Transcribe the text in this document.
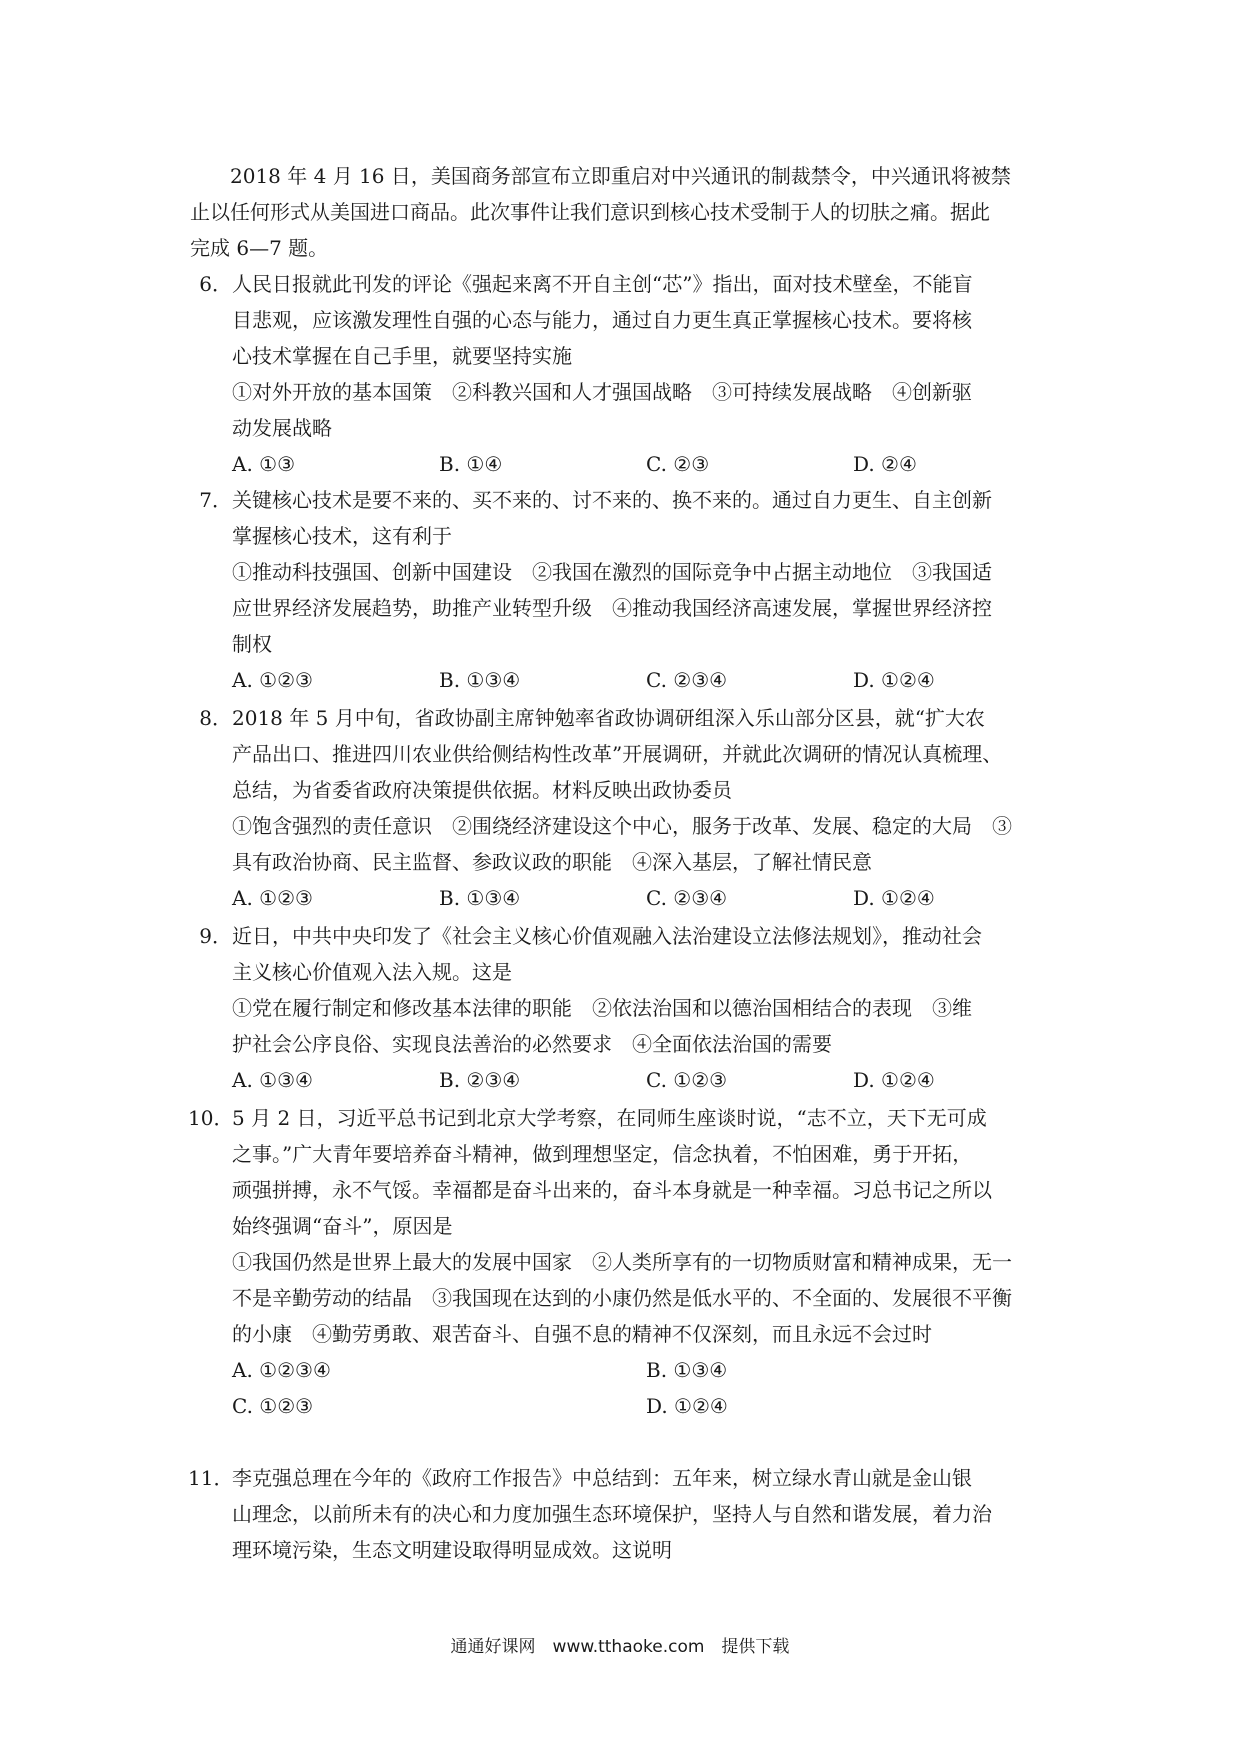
2018 年 4 月 16 日，美国商务部宣布立即重启对中兴通讯的制裁禁令，中兴通讯将被禁
止以任何形式从美国进口商品。此次事件让我们意识到核心技术受制于人的切肤之痛。据此
完成 6—7 题。
6． 人民日报就此刊发的评论《强起来离不开自主创“芯”》指出，面对技术壁垒，不能盲
目悲观，应该激发理性自强的心态与能力，通过自力更生真正掌握核心技术。要将核
心技术掌握在自己手里，就要坚持实施
①对外开放的基本国策　②科教兴国和人才强国战略　③可持续发展战略　④创新驱
动发展战略
A. ①③	B. ①④	C. ②③	D. ②④
7． 关键核心技术是要不来的、买不来的、讨不来的、换不来的。通过自力更生、自主创新
掌握核心技术，这有利于
①推动科技强国、创新中国建设　②我国在激烈的国际竞争中占据主动地位　③我国适
应世界经济发展趋势，助推产业转型升级　④推动我国经济高速发展，掌握世界经济控
制权
A. ①②③	B. ①③④	C. ②③④	D. ①②④
8． 2018 年 5 月中旬，省政协副主席钟勉率省政协调研组深入乐山部分区县，就“扩大农
产品出口、推进四川农业供给侧结构性改革”开展调研，并就此次调研的情况认真梳理、
总结，为省委省政府决策提供依据。材料反映出政协委员
①饱含强烈的责任意识　②围绕经济建设这个中心，服务于改革、发展、稳定的大局　③
具有政治协商、民主监督、参政议政的职能　④深入基层，了解社情民意
A. ①②③	B. ①③④	C. ②③④	D. ①②④
9． 近日，中共中央印发了《社会主义核心价值观融入法治建设立法修法规划》，推动社会
主义核心价值观入法入规。这是
①党在履行制定和修改基本法律的职能　②依法治国和以德治国相结合的表现　③维
护社会公序良俗、实现良法善治的必然要求　④全面依法治国的需要
A. ①③④	B. ②③④	C. ①②③	D. ①②④
10．
5 月 2 日，习近平总书记到北京大学考察，在同师生座谈时说，“志不立，天下无可成
之事。”广大青年要培养奋斗精神，做到理想坚定，信念执着，不怕困难，勇于开拓，
顽强拼搏，永不气馁。幸福都是奋斗出来的，奋斗本身就是一种幸福。习总书记之所以
始终强调“奋斗”，原因是
①我国仍然是世界上最大的发展中国家　②人类所享有的一切物质财富和精神成果，无一
不是辛勤劳动的结晶　③我国现在达到的小康仍然是低水平的、不全面的、发展很不平衡
的小康　④勤劳勇敢、艰苦奋斗、自强不息的精神不仅深刻，而且永远不会过时
A. ①②③④	B. ①③④
C. ①②③	D. ①②④
11．
李克强总理在今年的《政府工作报告》中总结到：五年来，树立绿水青山就是金山银
山理念，以前所未有的决心和力度加强生态环境保护，坚持人与自然和谐发展，着力治
理环境污染，生态文明建设取得明显成效。这说明
通通好课网　www.tthaoke.com　提供下载
